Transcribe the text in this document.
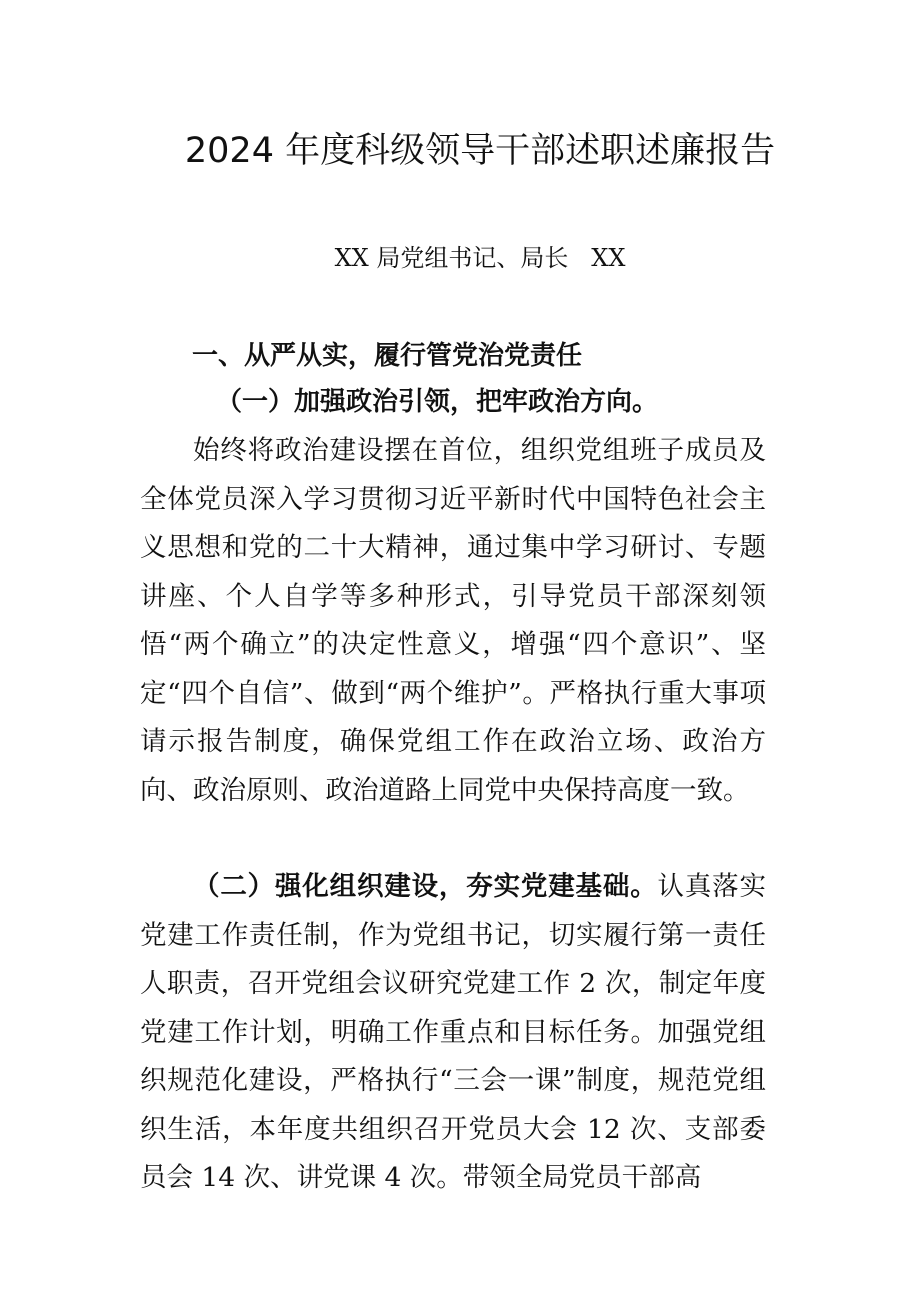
2024 年度科级领导干部述职述廉报告
XX 局党组书记、局长   XX
一、从严从实，履行管党治党责任
（一）加强政治引领，把牢政治方向。

始终将政治建设摆在首位，组织党组班子成员及全体党员深入学习贯彻习近平新时代中国特色社会主义思想和党的二十大精神，通过集中学习研讨、专题讲座、个人自学等多种形式，引导党员干部深刻领悟“两个确立”的决定性意义，增强“四个意识”、坚定“四个自信”、做到“两个维护”。严格执行重大事项请示报告制度，确保党组工作在政治立场、政治方向、政治原则、政治道路上同党中央保持高度一致。

（二）强化组织建设，夯实党建基础。认真落实党建工作责任制，作为党组书记，切实履行第一责任人职责，召开党组会议研究党建工作 2 次，制定年度党建工作计划，明确工作重点和目标任务。加强党组织规范化建设，严格执行“三会一课”制度，规范党组织生活，本年度共组织召开党员大会 12 次、支部委员会 14 次、讲党课 4 次。带领全局党员干部高
